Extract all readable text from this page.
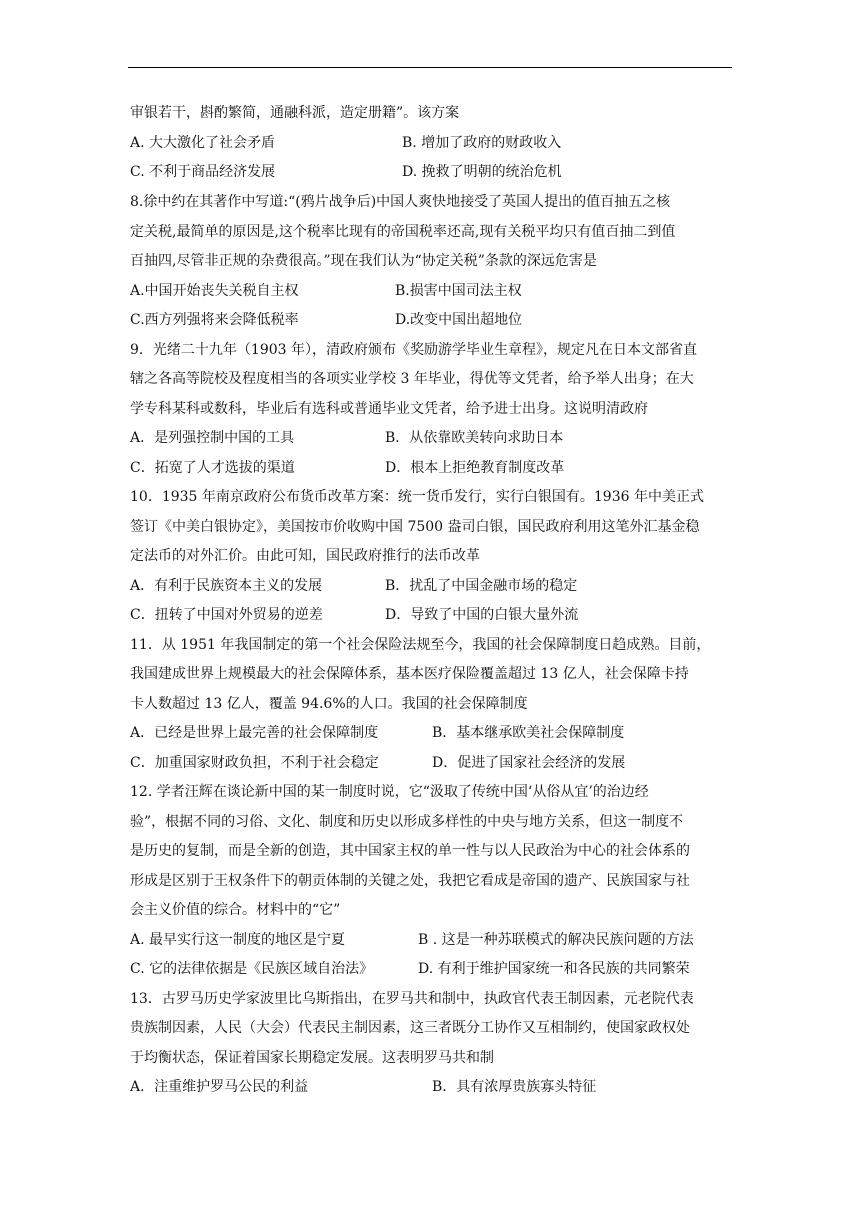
审银若干，斟酌繁简，通融科派，造定册籍”。该方案
A. 大大激化了社会矛盾	B. 增加了政府的财政收入
C. 不利于商品经济发展	D. 挽救了明朝的统治危机
8.徐中约在其著作中写道:“(鸦片战争后)中国人爽快地接受了英国人提出的值百抽五之核
定关税,最简单的原因是,这个税率比现有的帝国税率还高,现有关税平均只有值百抽二到值
百抽四,尽管非正规的杂费很高。”现在我们认为“协定关税”条款的深远危害是
A.中国开始丧失关税自主权	B.损害中国司法主权
C.西方列强将来会降低税率	D.改变中国出超地位
9．光绪二十九年（1903 年），清政府颁布《奖励游学毕业生章程》，规定凡在日本文部省直
辖之各高等院校及程度相当的各项实业学校 3 年毕业，得优等文凭者，给予举人出身；在大
学专科某科或数科，毕业后有选科或普通毕业文凭者，给予进士出身。这说明清政府
A．是列强控制中国的工具	B．从依靠欧美转向求助日本
C．拓宽了人才选拔的渠道	D．根本上拒绝教育制度改革
10．1935 年南京政府公布货币改革方案：统一货币发行，实行白银国有。1936 年中美正式
签订《中美白银协定》，美国按市价收购中国 7500 盎司白银，国民政府利用这笔外汇基金稳
定法币的对外汇价。由此可知，国民政府推行的法币改革
A．有利于民族资本主义的发展	B．扰乱了中国金融市场的稳定
C．扭转了中国对外贸易的逆差	D．导致了中国的白银大量外流
11．从 1951 年我国制定的第一个社会保险法规至今，我国的社会保障制度日趋成熟。目前，
我国建成世界上规模最大的社会保障体系，基本医疗保险覆盖超过 13 亿人，社会保障卡持
卡人数超过 13 亿人，覆盖 94.6%的人口。我国的社会保障制度
A．已经是世界上最完善的社会保障制度	B．基本继承欧美社会保障制度
C．加重国家财政负担，不利于社会稳定	D．促进了国家社会经济的发展
12. 学者汪辉在谈论新中国的某一制度时说，它“汲取了传统中国‘从俗从宜’的治边经
验”，根据不同的习俗、文化、制度和历史以形成多样性的中央与地方关系，但这一制度不
是历史的复制，而是全新的创造，其中国家主权的单一性与以人民政治为中心的社会体系的
形成是区别于王权条件下的朝贡体制的关键之处，我把它看成是帝国的遗产、民族国家与社
会主义价值的综合。材料中的“它”
A. 最早实行这一制度的地区是宁夏	B . 这是一种苏联模式的解决民族问题的方法
C. 它的法律依据是《民族区域自治法》	D. 有利于维护国家统一和各民族的共同繁荣
13．古罗马历史学家波里比乌斯指出，在罗马共和制中，执政官代表王制因素，元老院代表
贵族制因素，人民（大会）代表民主制因素，这三者既分工协作又互相制约，使国家政权处
于均衡状态，保证着国家长期稳定发展。这表明罗马共和制
A．注重维护罗马公民的利益	B．具有浓厚贵族寡头特征
